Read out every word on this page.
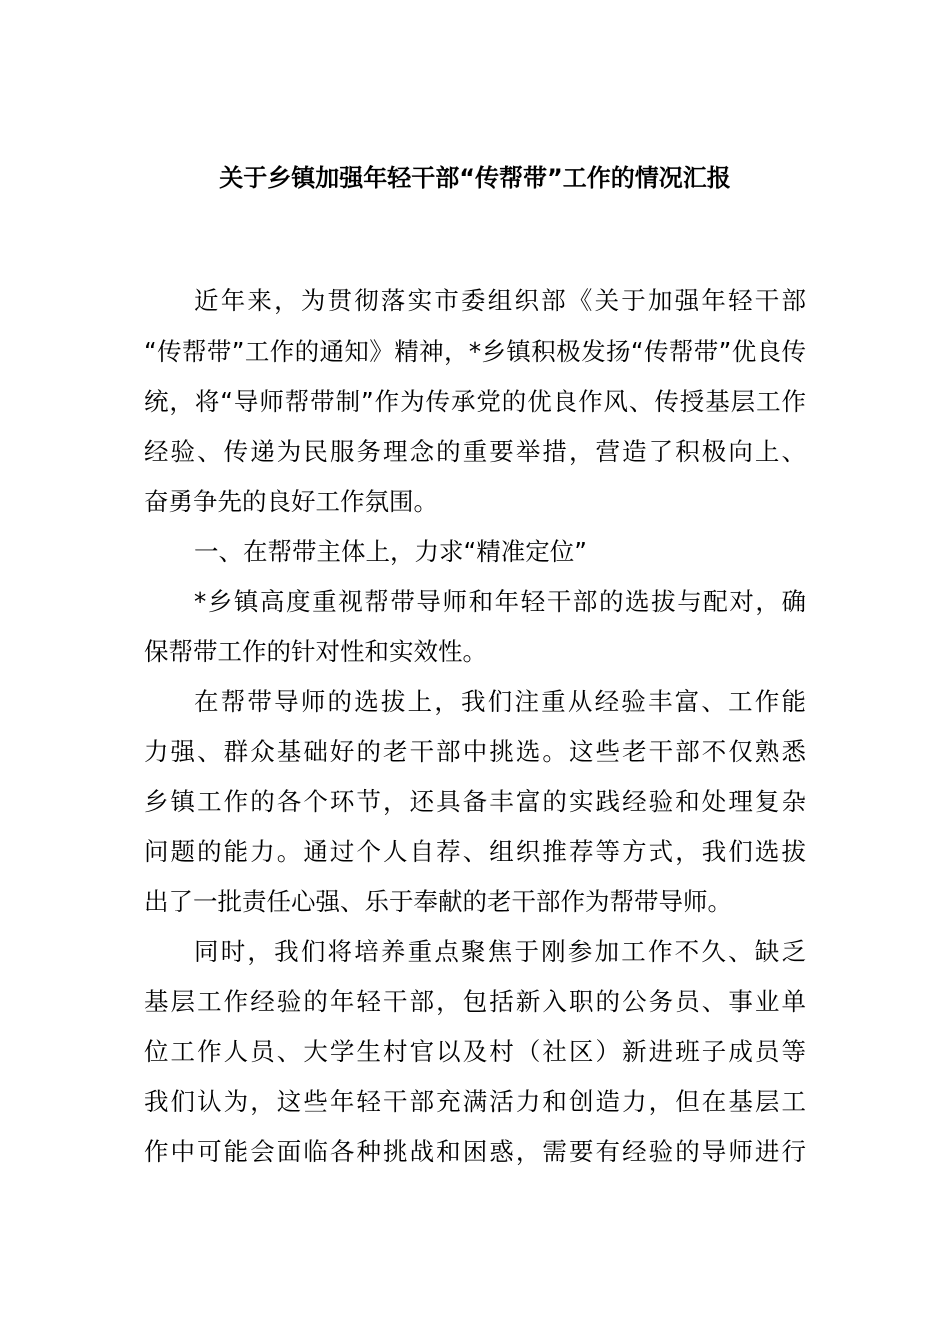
关于乡镇加强年轻干部“传帮带”工作的情况汇报
近年来，为贯彻落实市委组织部《关于加强年轻干部
“传帮带”工作的通知》精神，*乡镇积极发扬“传帮带”优良传
统，将“导师帮带制”作为传承党的优良作风、传授基层工作
经验、传递为民服务理念的重要举措，营造了积极向上、
奋勇争先的良好工作氛围。
一、在帮带主体上，力求“精准定位”
*乡镇高度重视帮带导师和年轻干部的选拔与配对，确
保帮带工作的针对性和实效性。
在帮带导师的选拔上，我们注重从经验丰富、工作能
力强、群众基础好的老干部中挑选。这些老干部不仅熟悉
乡镇工作的各个环节，还具备丰富的实践经验和处理复杂
问题的能力。通过个人自荐、组织推荐等方式，我们选拔
出了一批责任心强、乐于奉献的老干部作为帮带导师。
同时，我们将培养重点聚焦于刚参加工作不久、缺乏
基层工作经验的年轻干部，包括新入职的公务员、事业单
位工作人员、大学生村官以及村（社区）新进班子成员等
我们认为，这些年轻干部充满活力和创造力，但在基层工
作中可能会面临各种挑战和困惑，需要有经验的导师进行
